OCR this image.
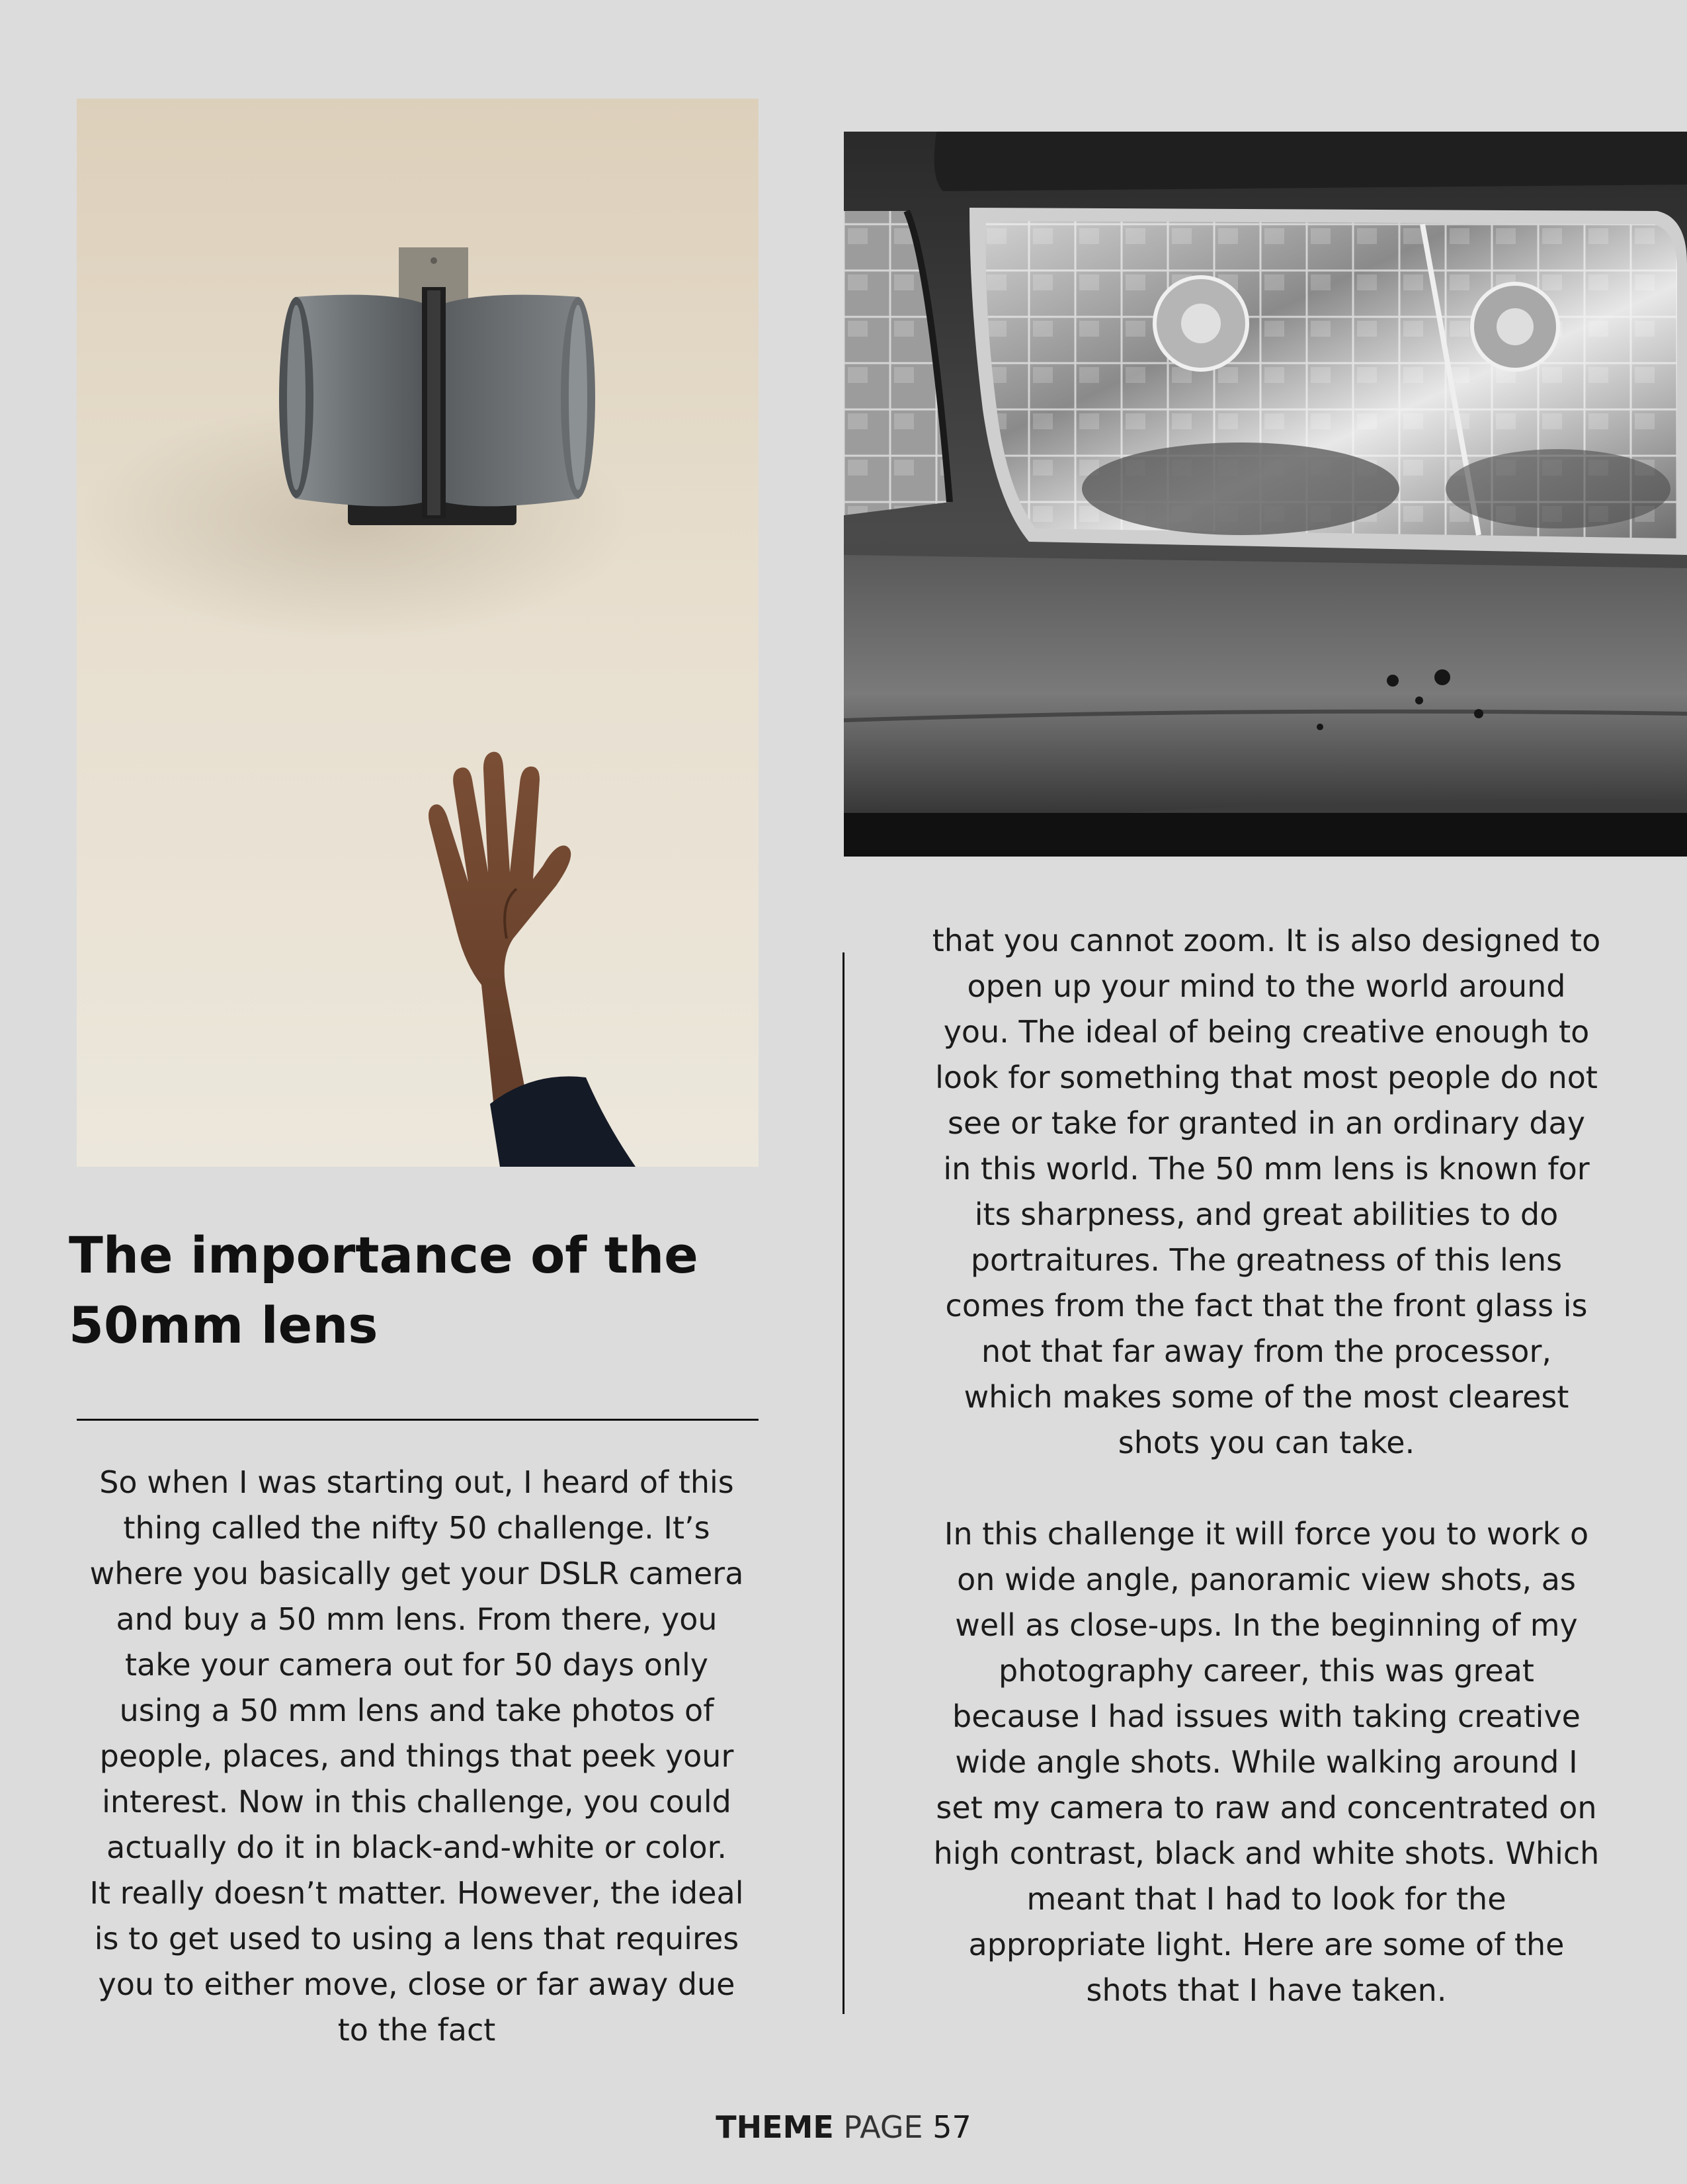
The importance of the
50mm lens
So when I was starting out, I heard of this
thing called the nifty 50 challenge. It’s
where you basically get your DSLR camera
and buy a 50 mm lens. From there, you
take your camera out for 50 days only
using a 50 mm lens and take photos of
people, places, and things that peek your
interest. Now in this challenge, you could
actually do it in black-and-white or color.
It really doesn’t matter. However, the ideal
is to get used to using a lens that requires
you to either move, close or far away due
to the fact
that you cannot zoom. It is also designed to
open up your mind to the world around
you. The ideal of being creative enough to
look for something that most people do not
see or take for granted in an ordinary day
in this world. The 50 mm lens is known for
its sharpness, and great abilities to do
portraitures. The greatness of this lens
comes from the fact that the front glass is
not that far away from the processor,
which makes some of the most clearest
shots you can take.
In this challenge it will force you to work o
on wide angle, panoramic view shots, as
well as close-ups. In the beginning of my
photography career, this was great
because I had issues with taking creative
wide angle shots. While walking around I
set my camera to raw and concentrated on
high contrast, black and white shots. Which
meant that I had to look for the
appropriate light. Here are some of the
shots that I have taken.
THEME PAGE 57
